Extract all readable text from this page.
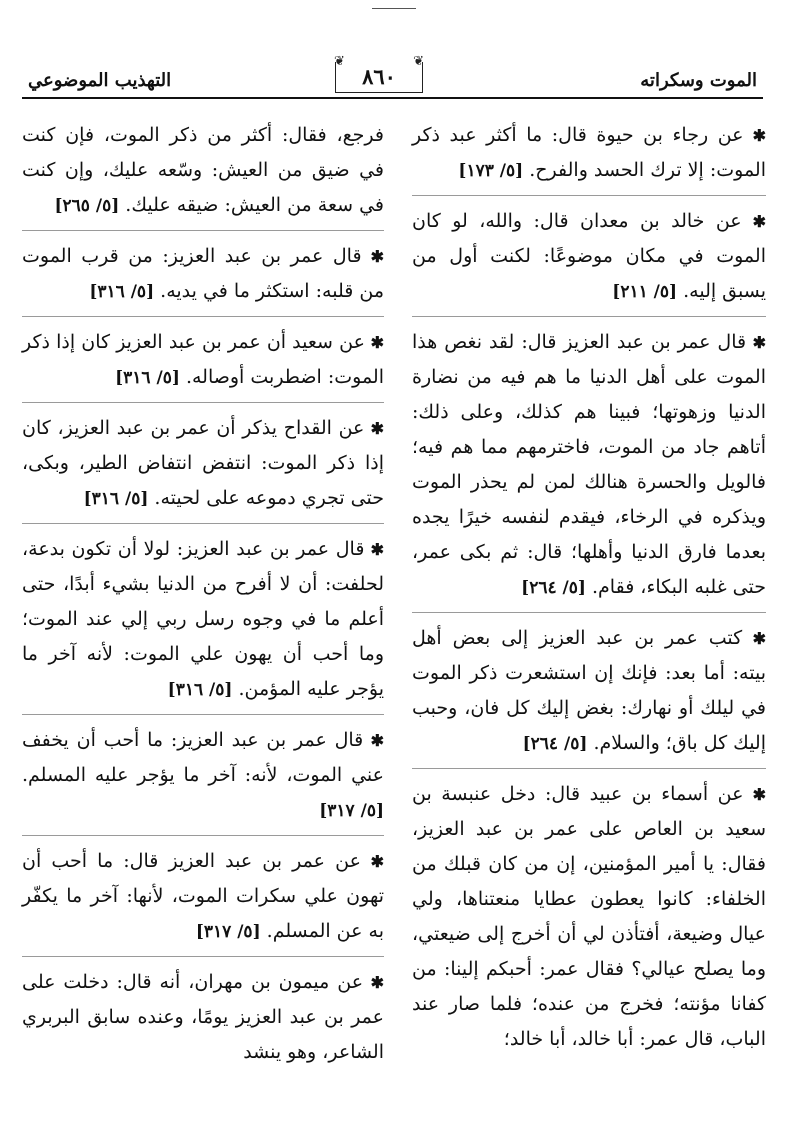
الموت وسكراته
❦	❦
٨٦٠
التهذيب الموضوعي
✱ عن رجاء بن حيوة قال: ما أكثر عبد ذكر الموت: إلا ترك الحسد والفرح. [٥/ ١٧٣]
✱ عن خالد بن معدان قال: والله، لو كان الموت في مكان موضوعًا: لكنت أول من يسبق إليه. [٥/ ٢١١]
✱ قال عمر بن عبد العزيز قال: لقد نغص هذا الموت على أهل الدنيا ما هم فيه من نضارة الدنيا وزهوتها؛ فبينا هم كذلك، وعلى ذلك: أتاهم جاد من الموت، فاخترمهم مما هم فيه؛ فالويل والحسرة هنالك لمن لم يحذر الموت ويذكره في الرخاء، فيقدم لنفسه خيرًا يجده بعدما فارق الدنيا وأهلها؛ قال: ثم بكى عمر، حتى غلبه البكاء، فقام. [٥/ ٢٦٤]
✱ كتب عمر بن عبد العزيز إلى بعض أهل بيته: أما بعد: فإنك إن استشعرت ذكر الموت في ليلك أو نهارك: بغض إليك كل فان، وحبب إليك كل باق؛ والسلام. [٥/ ٢٦٤]
✱ عن أسماء بن عبيد قال: دخل عنبسة بن سعيد بن العاص على عمر بن عبد العزيز، فقال: يا أمير المؤمنين، إن من كان قبلك من الخلفاء: كانوا يعطون عطايا منعتناها، ولي عيال وضيعة، أفتأذن لي أن أخرج إلى ضيعتي، وما يصلح عيالي؟ فقال عمر: أحبكم إلينا: من كفانا مؤنته؛ فخرج من عنده؛ فلما صار عند الباب، قال عمر: أبا خالد، أبا خالد؛
فرجع، فقال: أكثر من ذكر الموت، فإن كنت في ضيق من العيش: وسّعه عليك، وإن كنت في سعة من العيش: ضيقه عليك. [٥/ ٢٦٥]
✱ قال عمر بن عبد العزيز: من قرب الموت من قلبه: استكثر ما في يديه. [٥/ ٣١٦]
✱ عن سعيد أن عمر بن عبد العزيز كان إذا ذكر الموت: اضطربت أوصاله. [٥/ ٣١٦]
✱ عن القداح يذكر أن عمر بن عبد العزيز، كان إذا ذكر الموت: انتفض انتفاض الطير، وبكى، حتى تجري دموعه على لحيته. [٥/ ٣١٦]
✱ قال عمر بن عبد العزيز: لولا أن تكون بدعة، لحلفت: أن لا أفرح من الدنيا بشيء أبدًا، حتى أعلم ما في وجوه رسل ربي إلي عند الموت؛ وما أحب أن يهون علي الموت: لأنه آخر ما يؤجر عليه المؤمن. [٥/ ٣١٦]
✱ قال عمر بن عبد العزيز: ما أحب أن يخفف عني الموت، لأنه: آخر ما يؤجر عليه المسلم. [٥/ ٣١٧]
✱ عن عمر بن عبد العزيز قال: ما أحب أن تهون علي سكرات الموت، لأنها: آخر ما يكفّر به عن المسلم. [٥/ ٣١٧]
✱ عن ميمون بن مهران، أنه قال: دخلت على عمر بن عبد العزيز يومًا، وعنده سابق البربري الشاعر، وهو ينشد
